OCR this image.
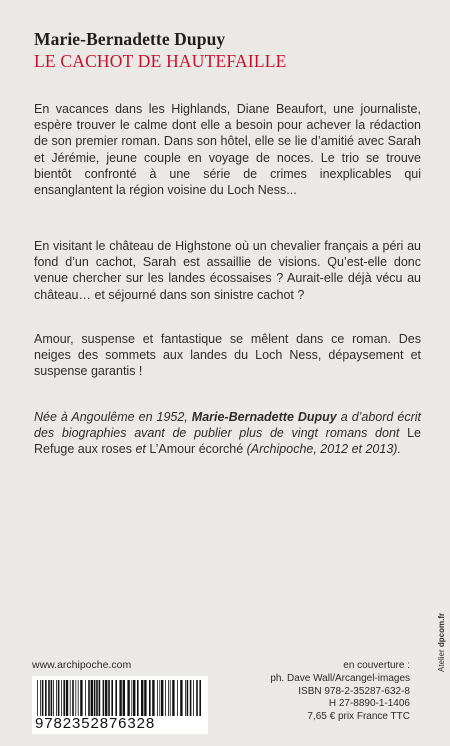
Marie-Bernadette Dupuy
LE CACHOT DE HAUTEFAILLE
En vacances dans les Highlands, Diane Beaufort, une journaliste, espère trouver le calme dont elle a besoin pour achever la rédaction de son premier roman. Dans son hôtel, elle se lie d’amitié avec Sarah et Jérémie, jeune couple en voyage de noces. Le trio se trouve bientôt confronté à une série de crimes inexplicables qui ensanglantent la région voisine du Loch Ness...
En visitant le château de Highstone où un chevalier français a péri au fond d’un cachot, Sarah est assaillie de visions. Qu’est-elle donc venue chercher sur les landes écossaises ? Aurait-elle déjà vécu au château… et séjourné dans son sinistre cachot ?
Amour, suspense et fantastique se mêlent dans ce roman. Des neiges des sommets aux landes du Loch Ness, dépaysement et suspense garantis !
Née à Angoulême en 1952, Marie-Bernadette Dupuy a d’abord écrit des biographies avant de publier plus de vingt romans dont Le Refuge aux roses et L’Amour écorché (Archipoche, 2012 et 2013).
www.archipoche.com
9782352876328
en couverture :
ph. Dave Wall/Arcangel-images
ISBN 978-2-35287-632-8
H 27-8890-1-1406
7,65 € prix France TTC
Atelier dpcom.fr
